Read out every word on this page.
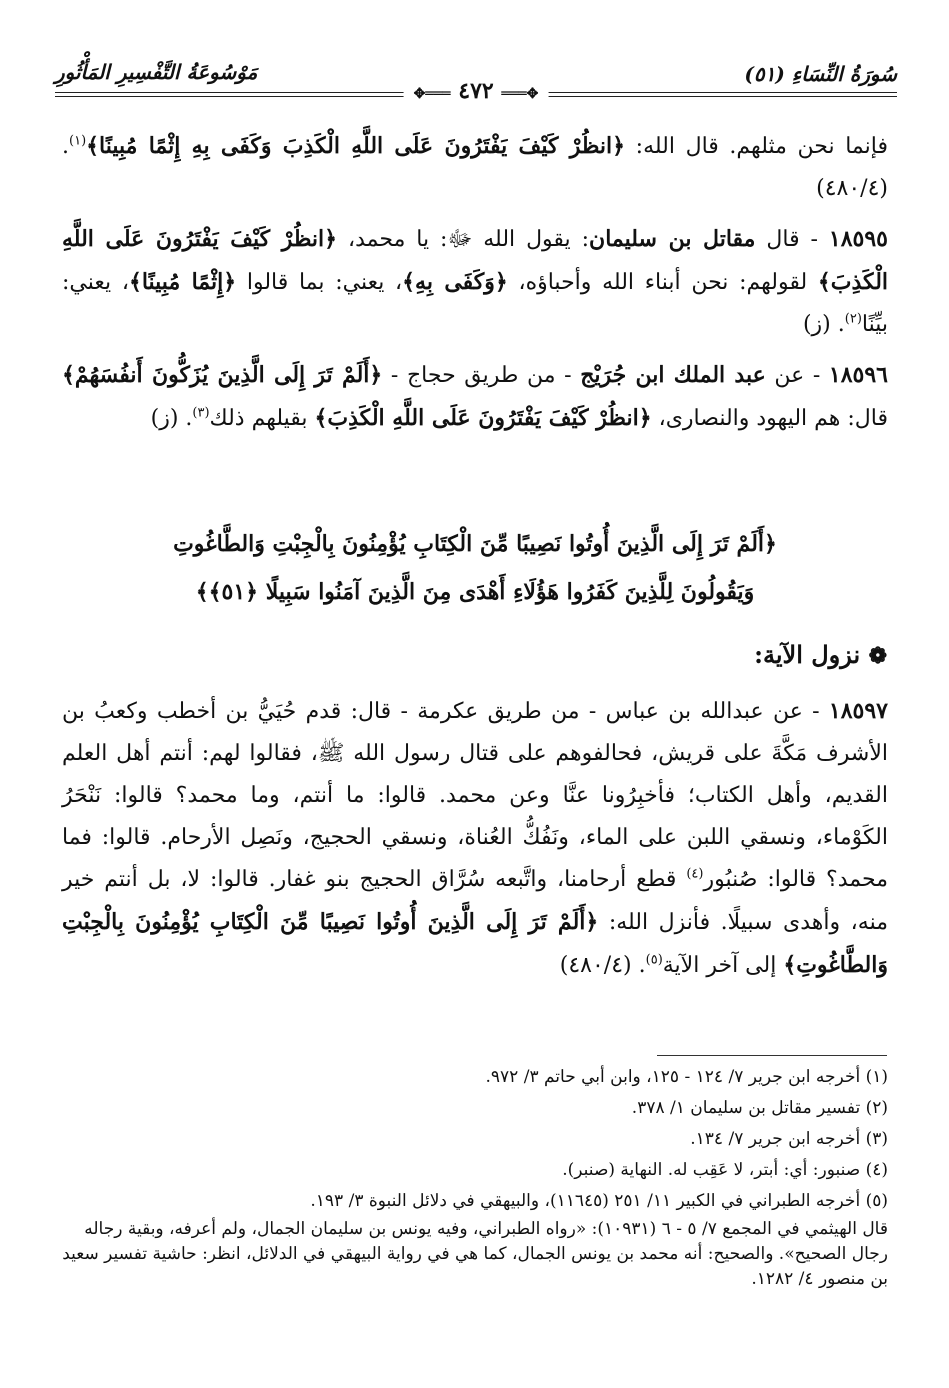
مَوْسُوعَةُ التَّفْسِيرِ المَأْثُورِ	سُورَةُ النِّسَاءِ (٥١)
✥═══ ٤٧٢ ═══✥

فإنما نحن مثلهم. قال الله: ﴿انظُرْ كَيْفَ يَفْتَرُونَ عَلَى اللَّهِ الْكَذِبَ وَكَفَى بِهِ إِثْمًا مُبِينًا﴾$^{(١)}$. (٤٨٠/٤)

١٨٥٩٥ - قال مقاتل بن سليمان: يقول الله ﷻ: يا محمد، ﴿انظُرْ كَيْفَ يَفْتَرُونَ عَلَى اللَّهِ الْكَذِبَ﴾ لقولهم: نحن أبناء الله وأحباؤه، ﴿وَكَفَى بِهِ﴾، يعني: بما قالوا ﴿إِثْمًا مُبِينًا﴾، يعني: بيِّنًا$^{(٢)}$. (ز)

١٨٥٩٦ - عن عبد الملك ابن جُرَيْج - من طريق حجاج - ﴿أَلَمْ تَرَ إِلَى الَّذِينَ يُزَكُّونَ أَنفُسَهُمْ﴾ قال: هم اليهود والنصارى، ﴿انظُرْ كَيْفَ يَفْتَرُونَ عَلَى اللَّهِ الْكَذِبَ﴾ بقيلهم ذلك$^{(٣)}$. (ز)

﴿أَلَمْ تَرَ إِلَى الَّذِينَ أُوتُوا نَصِيبًا مِّنَ الْكِتَابِ يُؤْمِنُونَ بِالْجِبْتِ وَالطَّاغُوتِ

وَيَقُولُونَ لِلَّذِينَ كَفَرُوا هَؤُلَاءِ أَهْدَى مِنَ الَّذِينَ آمَنُوا سَبِيلًا ﴿٥١﴾﴾

❁ نزول الآية:

١٨٥٩٧ - عن عبدالله بن عباس - من طريق عكرمة - قال: قدم حُيَيُّ بن أخطب وكعبُ بن الأشرف مَكَّةَ على قريش، فحالفوهم على قتال رسول الله ﷺ، فقالوا لهم: أنتم أهل العلم القديم، وأهل الكتاب؛ فأخبِرُونا عنَّا وعن محمد. قالوا: ما أنتم، وما محمد؟ قالوا: نَنْحَرُ الكَوْماء، ونسقي اللبن على الماء، ونَفُكُّ العُناة، ونسقي الحجيج، ونَصِل الأرحام. قالوا: فما محمد؟ قالوا: صُنبُور$^{(٤)}$ قطع أرحامنا، واتَّبعه سُرَّاق الحجيج بنو غفار. قالوا: لا، بل أنتم خير منه، وأهدى سبيلًا. فأنزل الله: ﴿أَلَمْ تَرَ إِلَى الَّذِينَ أُوتُوا نَصِيبًا مِّنَ الْكِتَابِ يُؤْمِنُونَ بِالْجِبْتِ وَالطَّاغُوتِ﴾ إلى آخر الآية$^{(٥)}$. (٤٨٠/٤)

(١) أخرجه ابن جرير ٧/ ١٢٤ - ١٢٥، وابن أبي حاتم ٣/ ٩٧٢.

(٢) تفسير مقاتل بن سليمان ١/ ٣٧٨.

(٣) أخرجه ابن جرير ٧/ ١٣٤.

(٤) صنبور: أي: أبتر، لا عَقِب له. النهاية (صنبر).

(٥) أخرجه الطبراني في الكبير ١١/ ٢٥١ (١١٦٤٥)، والبيهقي في دلائل النبوة ٣/ ١٩٣.

قال الهيثمي في المجمع ٧/ ٥ - ٦ (١٠٩٣١): «رواه الطبراني، وفيه يونس بن سليمان الجمال، ولم أعرفه، وبقية رجاله رجال الصحيح». والصحيح: أنه محمد بن يونس الجمال، كما هي في رواية البيهقي في الدلائل، انظر: حاشية تفسير سعيد بن منصور ٤/ ١٢٨٢.
